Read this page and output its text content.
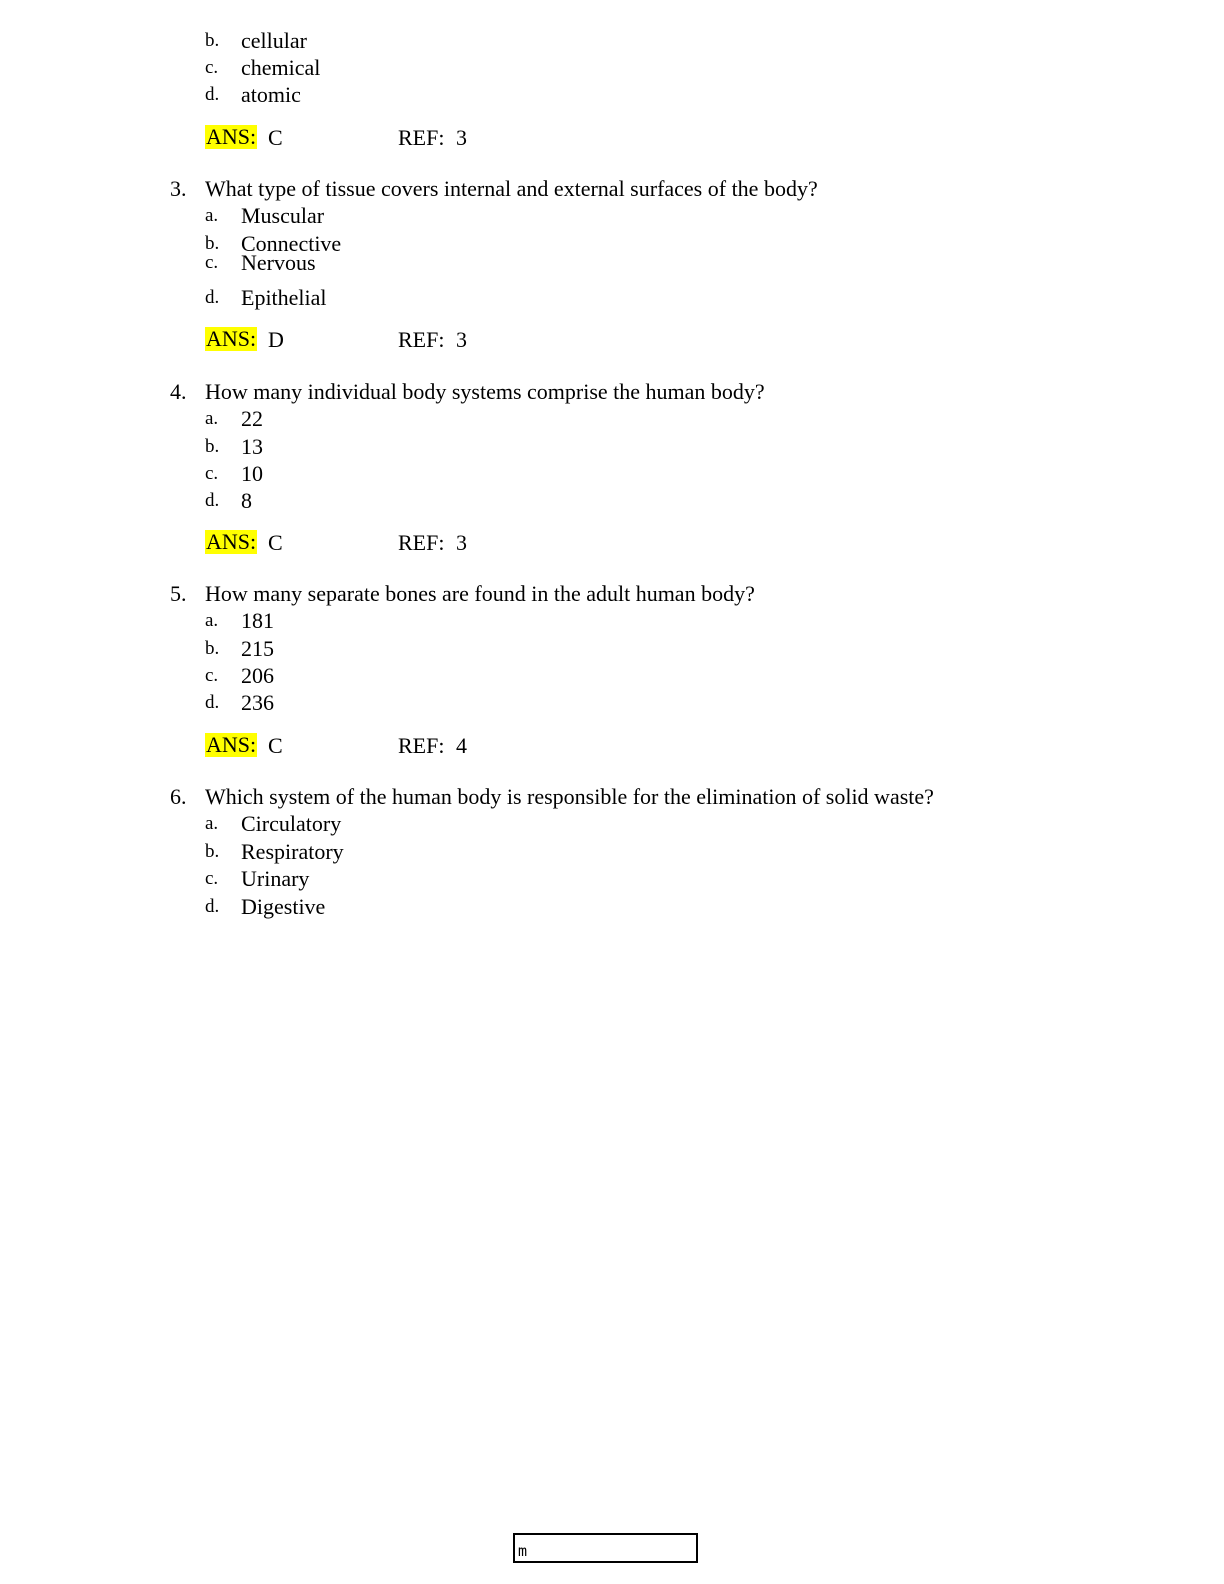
b. cellular
c. chemical
d. atomic
ANS: C	REF: 3
3. What type of tissue covers internal and external surfaces of the body?
a. Muscular
b. Connective
c. Nervous
d. Epithelial
ANS: D	REF: 3
4. How many individual body systems comprise the human body?
a. 22
b. 13
c. 10
d. 8
ANS: C	REF: 3
5. How many separate bones are found in the adult human body?
a. 181
b. 215
c. 206
d. 236
ANS: C	REF: 4
6. Which system of the human body is responsible for the elimination of solid waste?
a. Circulatory
b. Respiratory
c. Urinary
d. Digestive
m
